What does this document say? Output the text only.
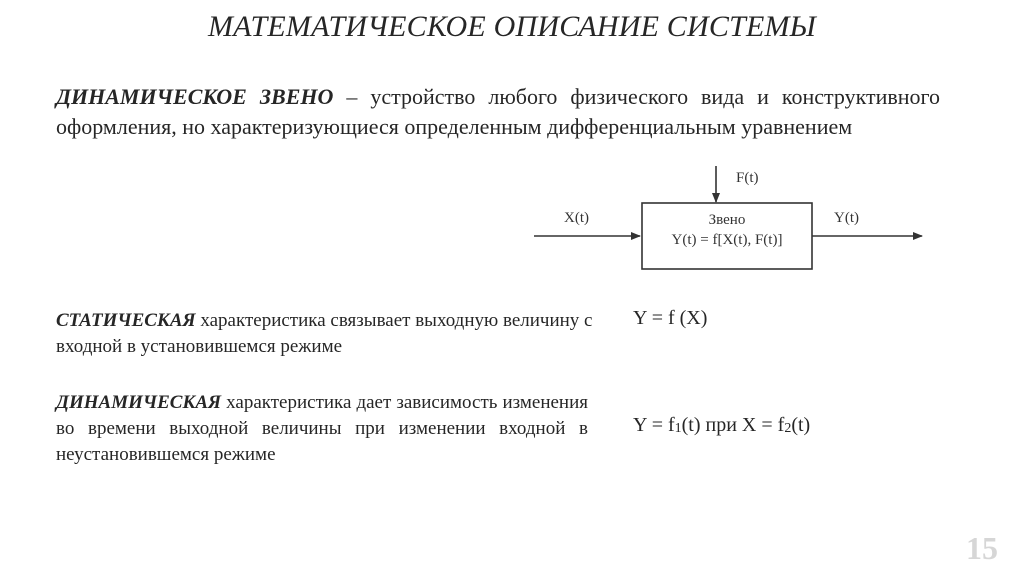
МАТЕМАТИЧЕСКОЕ ОПИСАНИЕ СИСТЕМЫ
ДИНАМИЧЕСКОЕ ЗВЕНО – устройство любого физического вида и конструктивного оформления, но характеризующиеся определенным дифференциальным уравнением
F(t)
X(t)	Звено
Y(t) = f[X(t), F(t)]
Y(t)
СТАТИЧЕСКАЯ характеристика связывает выходную величину с входной в установившемся режиме
Y = f (X)
ДИНАМИЧЕСКАЯ характеристика дает зависимость изменения во времени выходной величины при изменении входной в неустановившемся режиме
Y = f1(t) при X = f2(t)
15
